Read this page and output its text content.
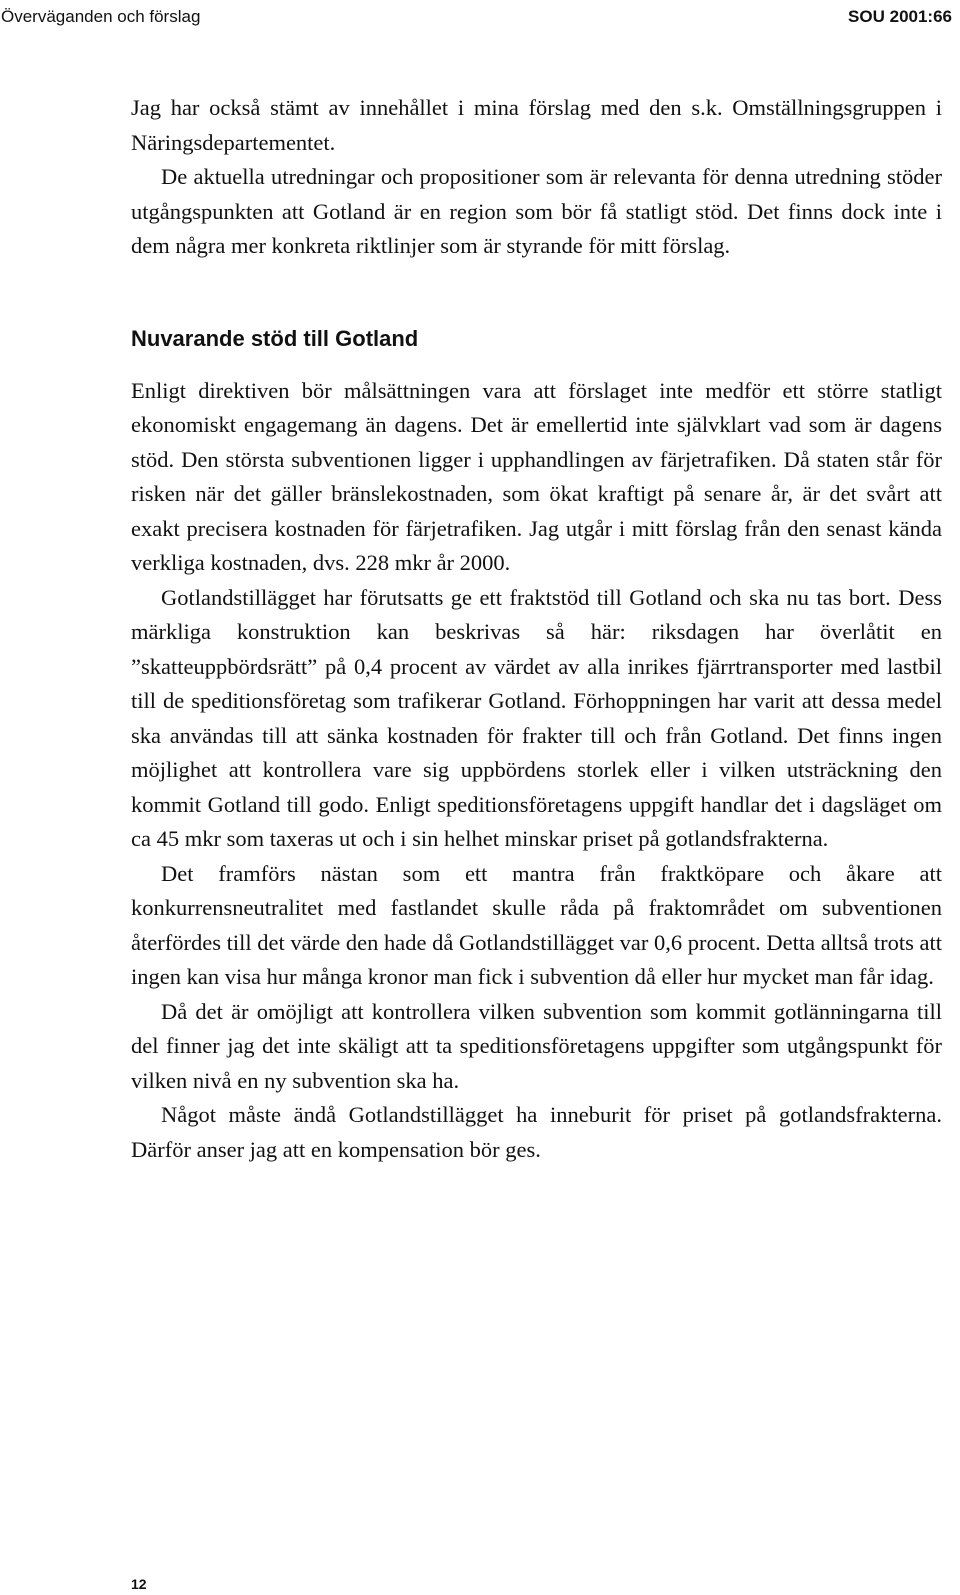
Överväganden och förslag	SOU 2001:66

Jag har också stämt av innehållet i mina förslag med den s.k. Omställningsgruppen i Näringsdepartementet.

De aktuella utredningar och propositioner som är relevanta för denna utredning stöder utgångspunkten att Gotland är en region som bör få statligt stöd. Det finns dock inte i dem några mer konkreta riktlinjer som är styrande för mitt förslag.

Nuvarande stöd till Gotland

Enligt direktiven bör målsättningen vara att förslaget inte medför ett större statligt ekonomiskt engagemang än dagens. Det är emellertid inte självklart vad som är dagens stöd. Den största subventionen ligger i upphandlingen av färjetrafiken. Då staten står för risken när det gäller bränslekostnaden, som ökat kraftigt på senare år, är det svårt att exakt precisera kostnaden för färjetrafiken. Jag utgår i mitt förslag från den senast kända verkliga kostnaden, dvs. 228 mkr år 2000.

Gotlandstillägget har förutsatts ge ett fraktstöd till Gotland och ska nu tas bort. Dess märkliga konstruktion kan beskrivas så här: riksdagen har överlåtit en ”skatteuppbördsrätt” på 0,4 procent av värdet av alla inrikes fjärrtransporter med lastbil till de speditionsföretag som trafikerar Gotland. Förhoppningen har varit att dessa medel ska användas till att sänka kostnaden för frakter till och från Gotland. Det finns ingen möjlighet att kontrollera vare sig uppbördens storlek eller i vilken utsträckning den kommit Gotland till godo. Enligt speditionsföretagens uppgift handlar det i dagsläget om ca 45 mkr som taxeras ut och i sin helhet minskar priset på gotlandsfrakterna.

Det framförs nästan som ett mantra från fraktköpare och åkare att konkurrensneutralitet med fastlandet skulle råda på fraktområdet om subventionen återfördes till det värde den hade då Gotlandstillägget var 0,6 procent. Detta alltså trots att ingen kan visa hur många kronor man fick i subvention då eller hur mycket man får idag.

Då det är omöjligt att kontrollera vilken subvention som kommit gotlänningarna till del finner jag det inte skäligt att ta speditionsföretagens uppgifter som utgångspunkt för vilken nivå en ny subvention ska ha.

Något måste ändå Gotlandstillägget ha inneburit för priset på gotlandsfrakterna. Därför anser jag att en kompensation bör ges.

12
